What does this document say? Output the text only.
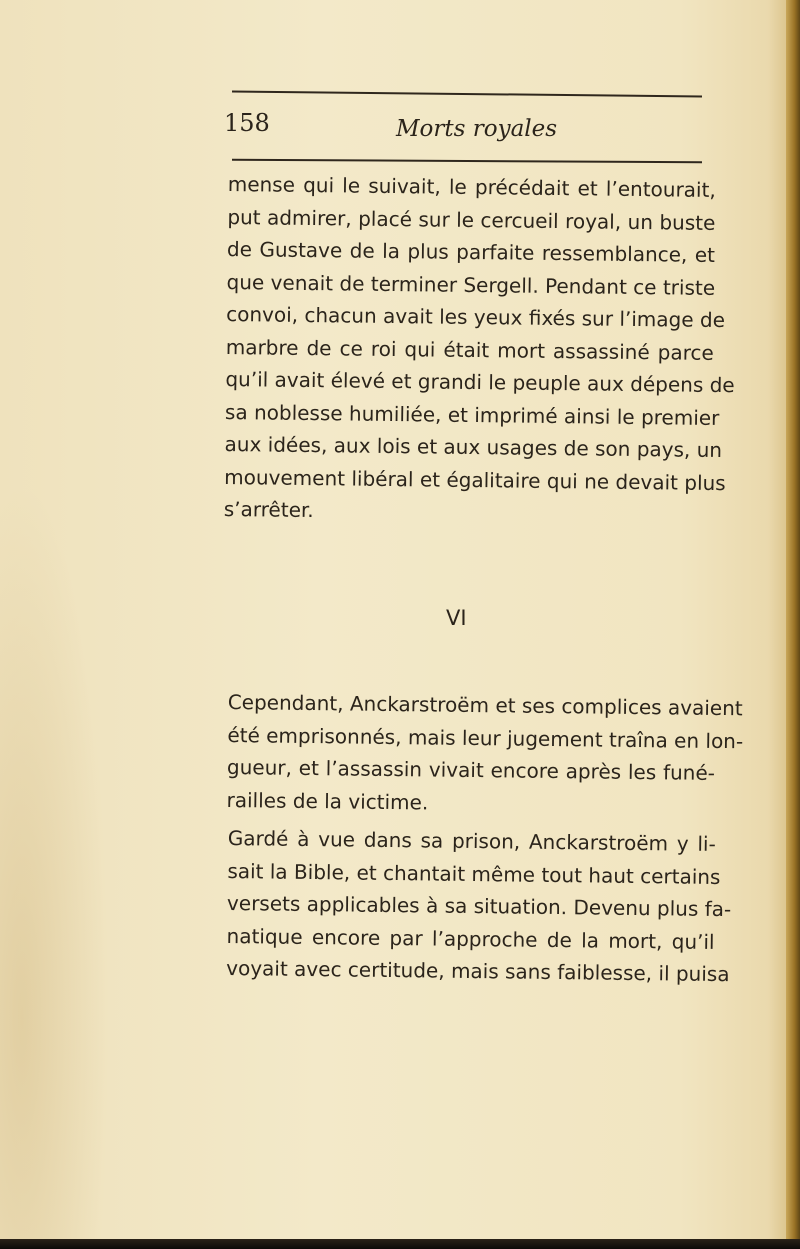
158	Morts royales

mense qui le suivait, le précédait et l’entourait,
put admirer, placé sur le cercueil royal, un buste
de Gustave de la plus parfaite ressemblance, et
que venait de terminer Sergell. Pendant ce triste
convoi, chacun avait les yeux fixés sur l’image de
marbre de ce roi qui était mort assassiné parce
qu’il avait élevé et grandi le peuple aux dépens de
sa noblesse humiliée, et imprimé ainsi le premier
aux idées, aux lois et aux usages de son pays, un
mouvement libéral et égalitaire qui ne devait plus
s’arrêter.

VI

Cependant, Anckarstroëm et ses complices avaient
été emprisonnés, mais leur jugement traîna en lon-
gueur, et l’assassin vivait encore après les funé-
railles de la victime.
Gardé à vue dans sa prison, Anckarstroëm y li-
sait la Bible, et chantait même tout haut certains
versets applicables à sa situation. Devenu plus fa-
natique encore par l’approche de la mort, qu’il
voyait avec certitude, mais sans faiblesse, il puisa
